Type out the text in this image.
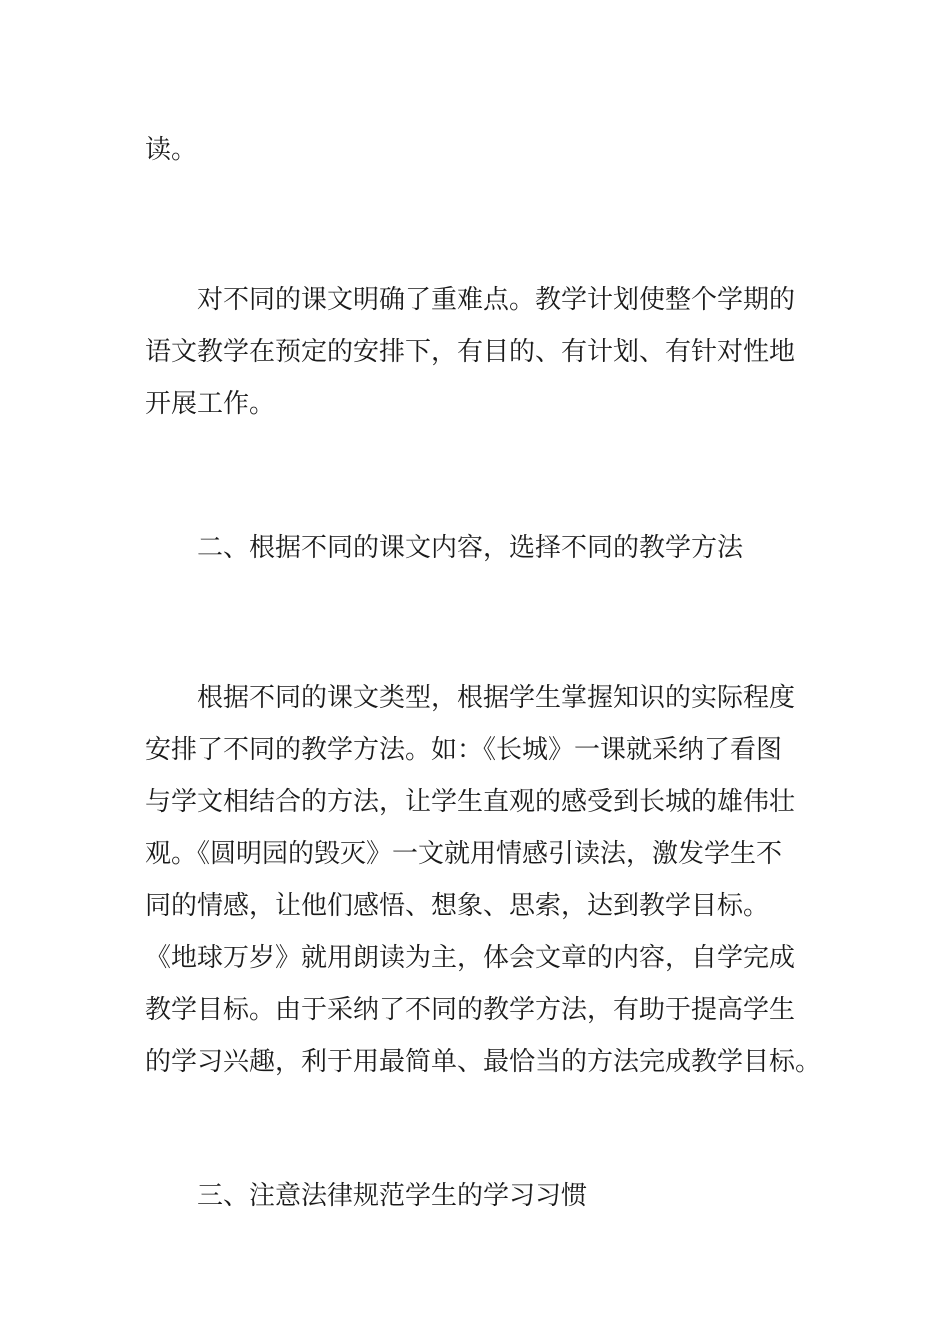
读。
对不同的课文明确了重难点。教学计划使整个学期的
语文教学在预定的安排下，有目的、有计划、有针对性地
开展工作。
二、根据不同的课文内容，选择不同的教学方法
根据不同的课文类型，根据学生掌握知识的实际程度
安排了不同的教学方法。如：《长城》一课就采纳了看图
与学文相结合的方法，让学生直观的感受到长城的雄伟壮
观。《圆明园的毁灭》一文就用情感引读法，激发学生不
同的情感，让他们感悟、想象、思索，达到教学目标。
《地球万岁》就用朗读为主，体会文章的内容，自学完成
教学目标。由于采纳了不同的教学方法，有助于提高学生
的学习兴趣，利于用最简单、最恰当的方法完成教学目标。
三、注意法律规范学生的学习习惯
